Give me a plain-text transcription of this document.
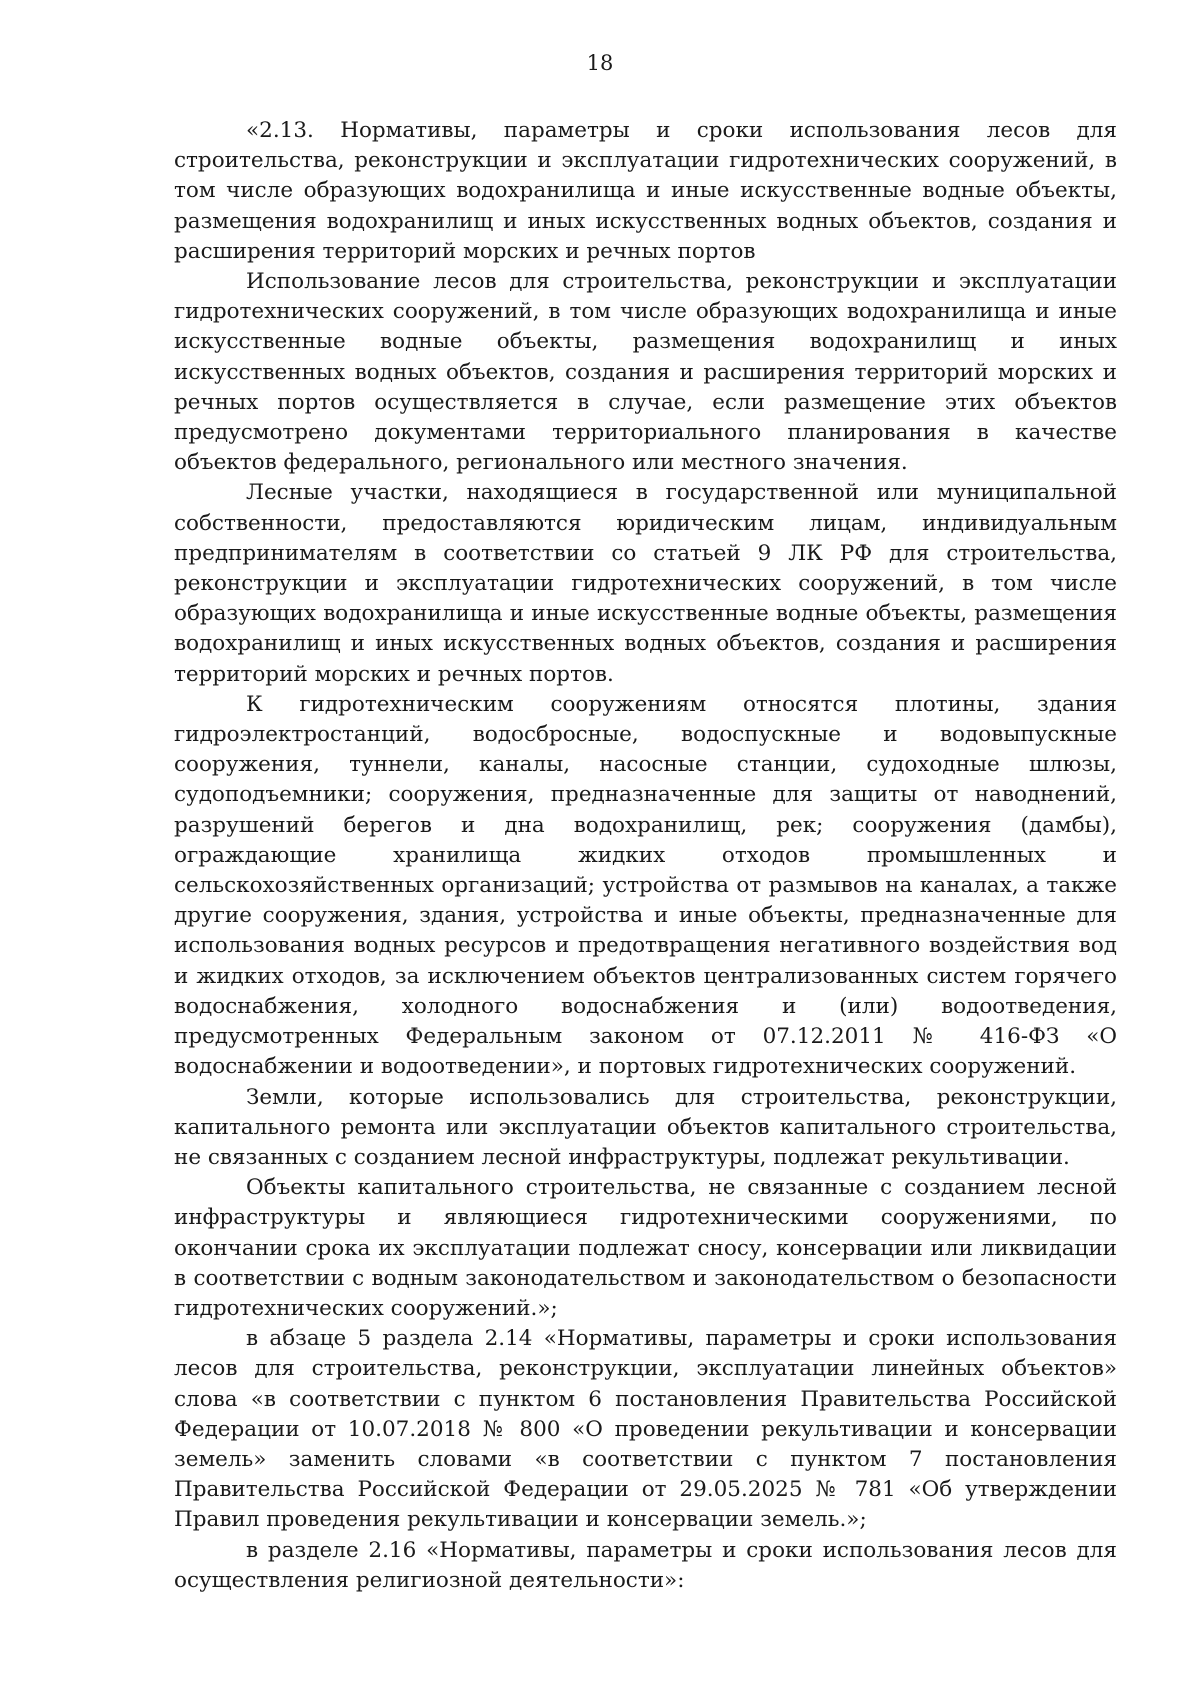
18

«2.13. Нормативы, параметры и сроки использования лесов для строительства, реконструкции и эксплуатации гидротехнических сооружений, в том числе образующих водохранилища и иные искусственные водные объекты, размещения водохранилищ и иных искусственных водных объектов, создания и расширения территорий морских и речных портов

Использование лесов для строительства, реконструкции и эксплуатации гидротехнических сооружений, в том числе образующих водохранилища и иные искусственные водные объекты, размещения водохранилищ и иных искусственных водных объектов, создания и расширения территорий морских и речных портов осуществляется в случае, если размещение этих объектов предусмотрено документами территориального планирования в качестве объектов федерального, регионального или местного значения.

Лесные участки, находящиеся в государственной или муниципальной собственности, предоставляются юридическим лицам, индивидуальным предпринимателям в соответствии со статьей 9 ЛК РФ для строительства, реконструкции и эксплуатации гидротехнических сооружений, в том числе образующих водохранилища и иные искусственные водные объекты, размещения водохранилищ и иных искусственных водных объектов, создания и расширения территорий морских и речных портов.

К гидротехническим сооружениям относятся плотины, здания гидроэлектростанций, водосбросные, водоспускные и водовыпускные сооружения, туннели, каналы, насосные станции, судоходные шлюзы, судоподъемники; сооружения, предназначенные для защиты от наводнений, разрушений берегов и дна водохранилищ, рек; сооружения (дамбы), ограждающие хранилища жидких отходов промышленных и сельскохозяйственных организаций; устройства от размывов на каналах, а также другие сооружения, здания, устройства и иные объекты, предназначенные для использования водных ресурсов и предотвращения негативного воздействия вод и жидких отходов, за исключением объектов централизованных систем горячего водоснабжения, холодного водоснабжения и (или) водоотведения, предусмотренных Федеральным законом от 07.12.2011 № 416-ФЗ «О водоснабжении и водоотведении», и портовых гидротехнических сооружений.

Земли, которые использовались для строительства, реконструкции, капитального ремонта или эксплуатации объектов капитального строительства, не связанных с созданием лесной инфраструктуры, подлежат рекультивации.

Объекты капитального строительства, не связанные с созданием лесной инфраструктуры и являющиеся гидротехническими сооружениями, по окончании срока их эксплуатации подлежат сносу, консервации или ликвидации в соответствии с водным законодательством и законодательством о безопасности гидротехнических сооружений.»;

в абзаце 5 раздела 2.14 «Нормативы, параметры и сроки использования лесов для строительства, реконструкции, эксплуатации линейных объектов» слова «в соответствии с пунктом 6 постановления Правительства Российской Федерации от 10.07.2018 № 800 «О проведении рекультивации и консервации земель» заменить словами «в соответствии с пунктом 7 постановления Правительства Российской Федерации от 29.05.2025 № 781 «Об утверждении Правил проведения рекультивации и консервации земель.»;

в разделе 2.16 «Нормативы, параметры и сроки использования лесов для осуществления религиозной деятельности»:
